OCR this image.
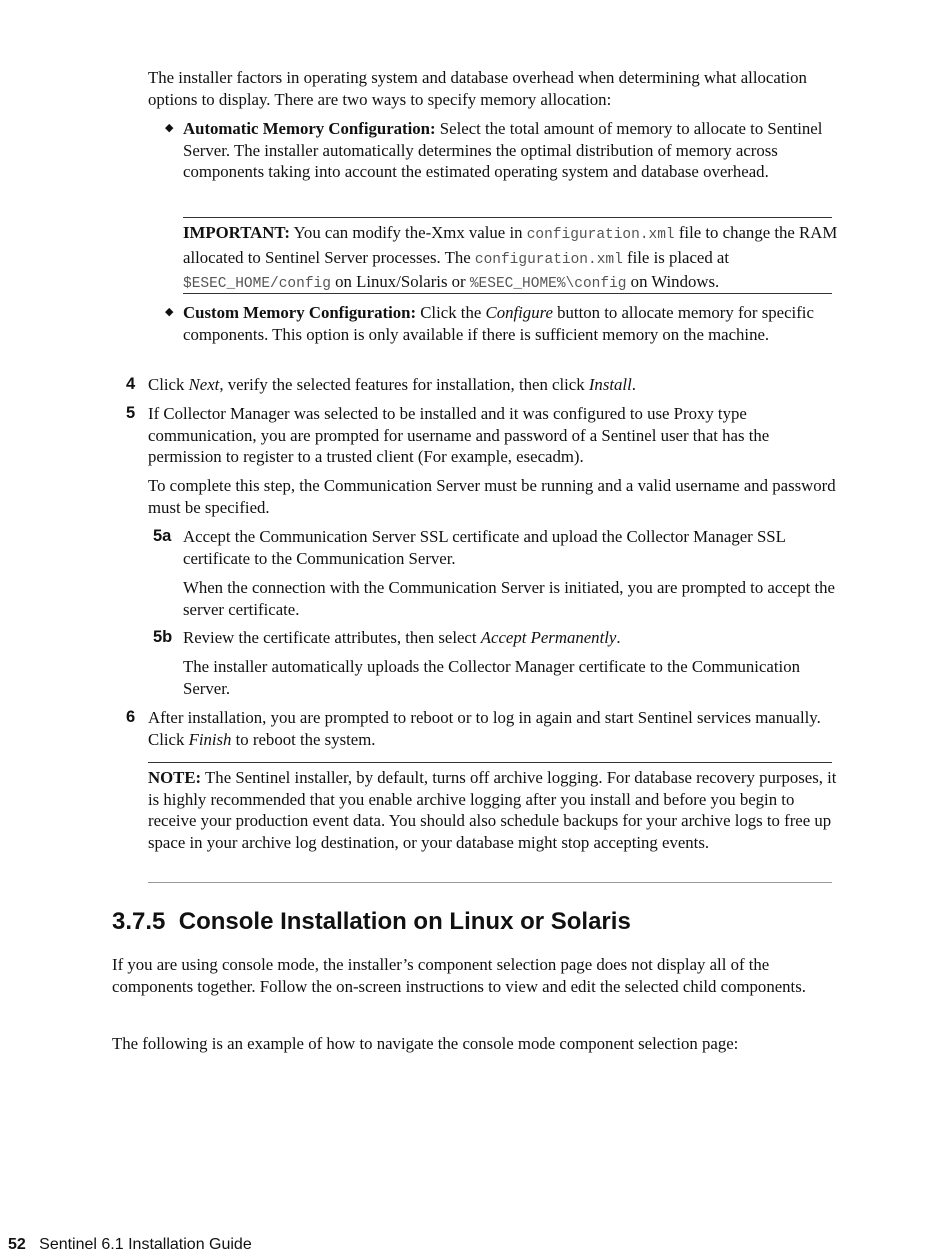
The installer factors in operating system and database overhead when determining what allocation options to display. There are two ways to specify memory allocation:

◆ Automatic Memory Configuration: Select the total amount of memory to allocate to Sentinel Server. The installer automatically determines the optimal distribution of memory across components taking into account the estimated operating system and database overhead.

IMPORTANT: You can modify the-Xmx value in configuration.xml file to change the RAM allocated to Sentinel Server processes. The configuration.xml file is placed at $ESEC_HOME/config on Linux/Solaris or %ESEC_HOME%\config on Windows.

◆ Custom Memory Configuration: Click the Configure button to allocate memory for specific components. This option is only available if there is sufficient memory on the machine.

4 Click Next, verify the selected features for installation, then click Install.

5 If Collector Manager was selected to be installed and it was configured to use Proxy type communication, you are prompted for username and password of a Sentinel user that has the permission to register to a trusted client (For example, esecadm).

To complete this step, the Communication Server must be running and a valid username and password must be specified.

5a Accept the Communication Server SSL certificate and upload the Collector Manager SSL certificate to the Communication Server.

When the connection with the Communication Server is initiated, you are prompted to accept the server certificate.

5b Review the certificate attributes, then select Accept Permanently.

The installer automatically uploads the Collector Manager certificate to the Communication Server.

6 After installation, you are prompted to reboot or to log in again and start Sentinel services manually. Click Finish to reboot the system.

NOTE: The Sentinel installer, by default, turns off archive logging. For database recovery purposes, it is highly recommended that you enable archive logging after you install and before you begin to receive your production event data. You should also schedule backups for your archive logs to free up space in your archive log destination, or your database might stop accepting events.

3.7.5 Console Installation on Linux or Solaris

If you are using console mode, the installer’s component selection page does not display all of the components together. Follow the on-screen instructions to view and edit the selected child components.

The following is an example of how to navigate the console mode component selection page:

52 Sentinel 6.1 Installation Guide
